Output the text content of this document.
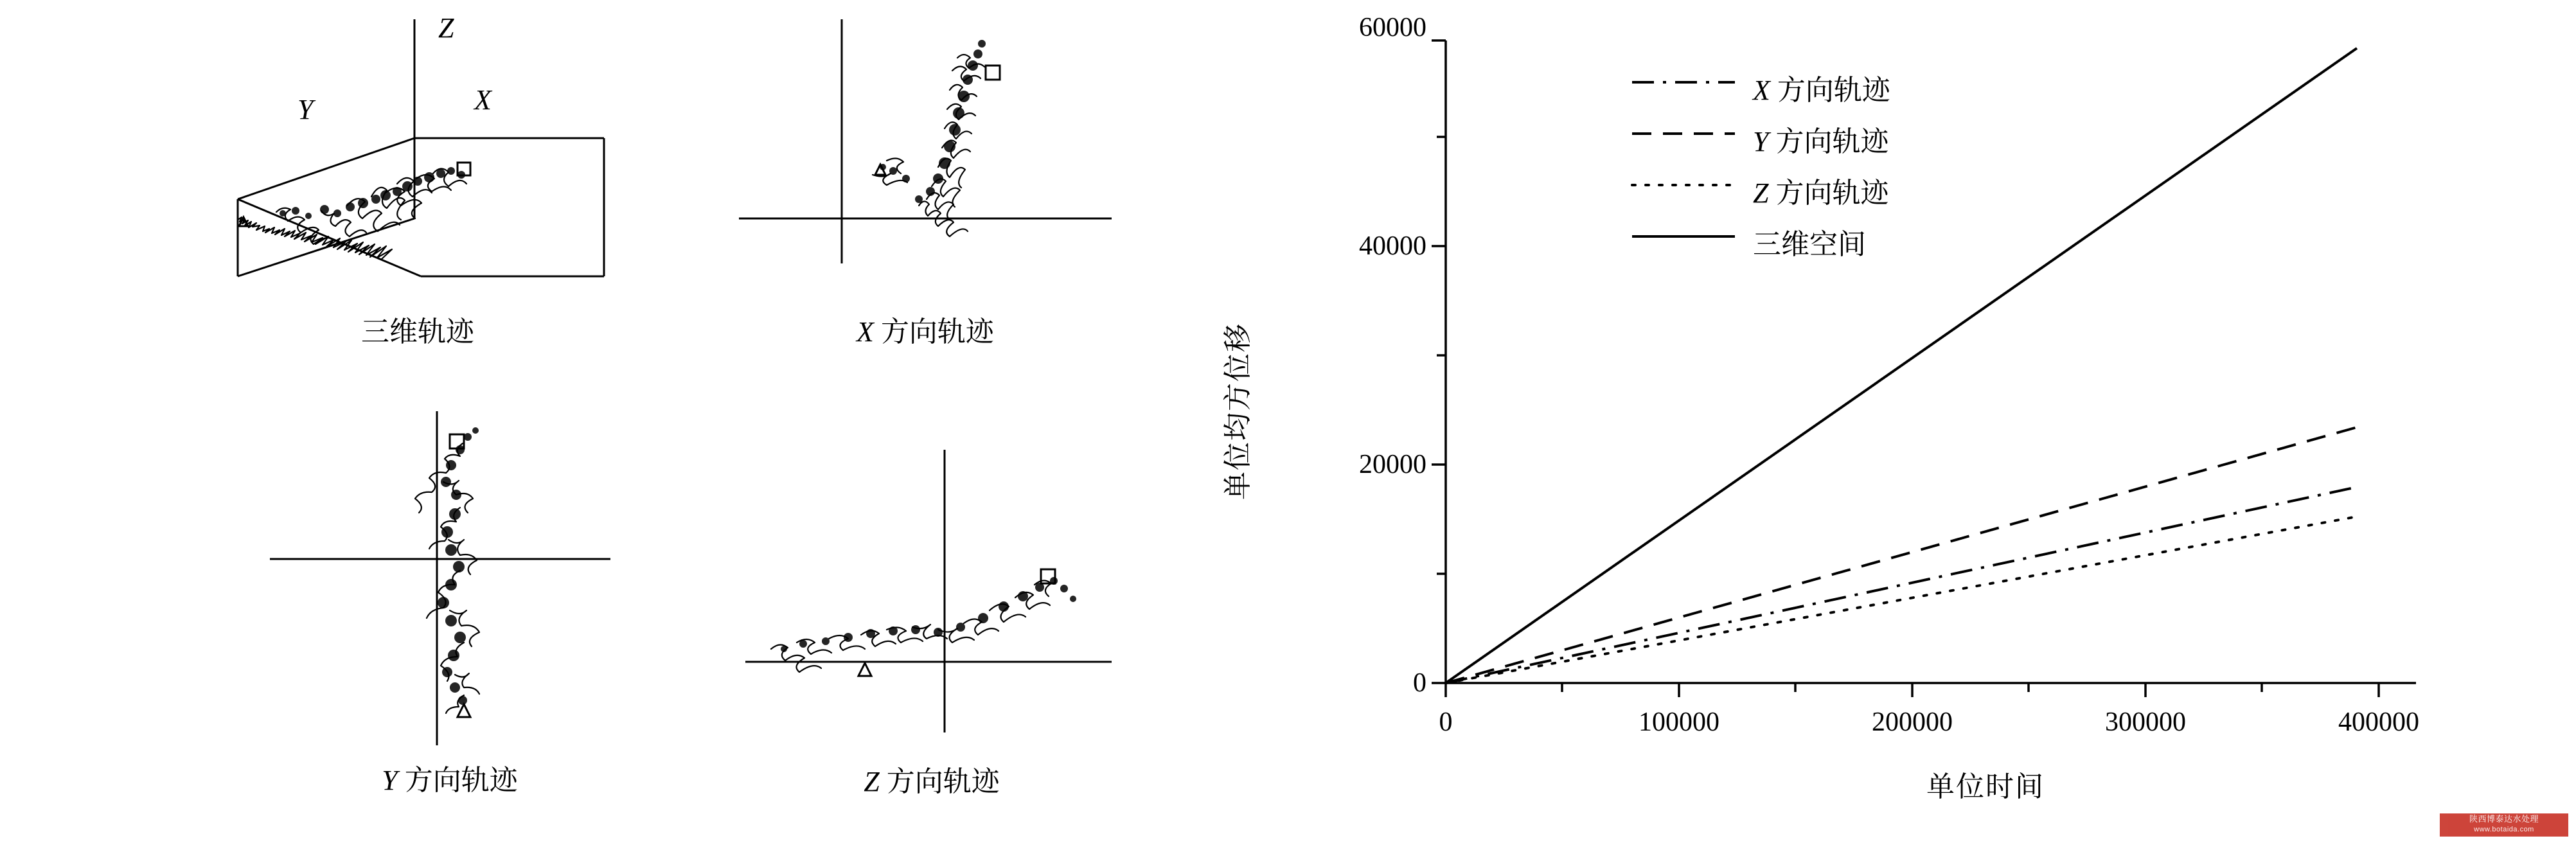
Z
Y	X
三维轨迹	X 方向轨迹
Y 方向轨迹	Z 方向轨迹
单位均方位移
单位时间
0
20000
40000
60000
0	100000	200000	300000	400000
X 方向轨迹
Y 方向轨迹
Z 方向轨迹
三维空间
陕西博泰达水处理
www.botaida.com
